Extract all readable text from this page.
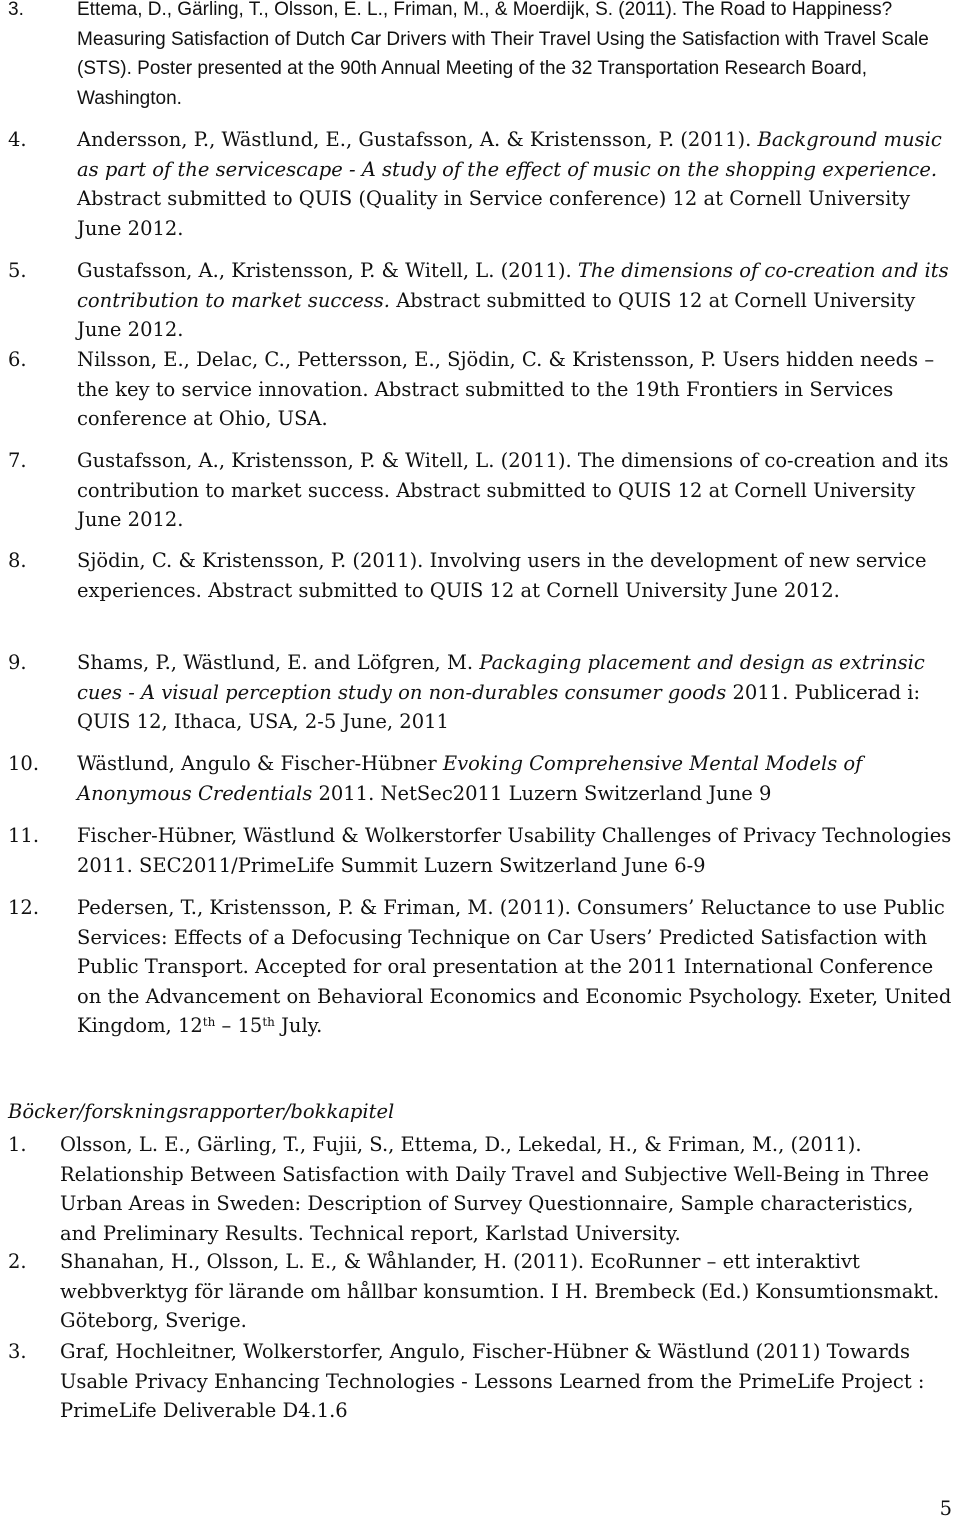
3.	Ettema, D., Gärling, T., Olsson, E. L., Friman, M., & Moerdijk, S. (2011). The Road to Happiness? Measuring Satisfaction of Dutch Car Drivers with Their Travel Using the Satisfaction with Travel Scale (STS). Poster presented at the 90th Annual Meeting of the 32 Transportation Research Board, Washington.
4.	Andersson, P., Wästlund, E., Gustafsson, A. & Kristensson, P. (2011). Background music as part of the servicescape - A study of the effect of music on the shopping experience. Abstract submitted to QUIS (Quality in Service conference) 12 at Cornell University June 2012.
5.	Gustafsson, A., Kristensson, P. & Witell, L. (2011). The dimensions of co-creation and its contribution to market success. Abstract submitted to QUIS 12 at Cornell University June 2012.
6.	Nilsson, E., Delac, C., Pettersson, E., Sjödin, C. & Kristensson, P. Users hidden needs – the key to service innovation. Abstract submitted to the 19th Frontiers in Services conference at Ohio, USA.
7.	Gustafsson, A., Kristensson, P. & Witell, L. (2011). The dimensions of co-creation and its contribution to market success. Abstract submitted to QUIS 12 at Cornell University June 2012.
8.	Sjödin, C. & Kristensson, P. (2011). Involving users in the development of new service experiences. Abstract submitted to QUIS 12 at Cornell University June 2012.
9.	Shams, P., Wästlund, E. and Löfgren, M. Packaging placement and design as extrinsic cues - A visual perception study on non-durables consumer goods 2011. Publicerad i: QUIS 12, Ithaca, USA, 2-5 June, 2011
10. Wästlund, Angulo & Fischer-Hübner Evoking Comprehensive Mental Models of Anonymous Credentials 2011. NetSec2011 Luzern Switzerland June 9
11. Fischer-Hübner, Wästlund & Wolkerstorfer Usability Challenges of Privacy Technologies 2011. SEC2011/PrimeLife Summit Luzern Switzerland June 6-9
12. Pedersen, T., Kristensson, P. & Friman, M. (2011). Consumers’ Reluctance to use Public Services: Effects of a Defocusing Technique on Car Users’ Predicted Satisfaction with Public Transport. Accepted for oral presentation at the 2011 International Conference on the Advancement on Behavioral Economics and Economic Psychology. Exeter, United Kingdom, 12th – 15th July.
Böcker/forskningsrapporter/bokkapitel
1. Olsson, L. E., Gärling, T., Fujii, S., Ettema, D., Lekedal, H., & Friman, M., (2011). Relationship Between Satisfaction with Daily Travel and Subjective Well-Being in Three Urban Areas in Sweden: Description of Survey Questionnaire, Sample characteristics, and Preliminary Results. Technical report, Karlstad University.
2. Shanahan, H., Olsson, L. E., & Wåhlander, H. (2011). EcoRunner – ett interaktivt webbverktyg för lärande om hållbar konsumtion. I H. Brembeck (Ed.) Konsumtionsmakt. Göteborg, Sverige.
3. Graf, Hochleitner, Wolkerstorfer, Angulo, Fischer-Hübner & Wästlund (2011) Towards Usable Privacy Enhancing Technologies - Lessons Learned from the PrimeLife Project : PrimeLife Deliverable D4.1.6
5
